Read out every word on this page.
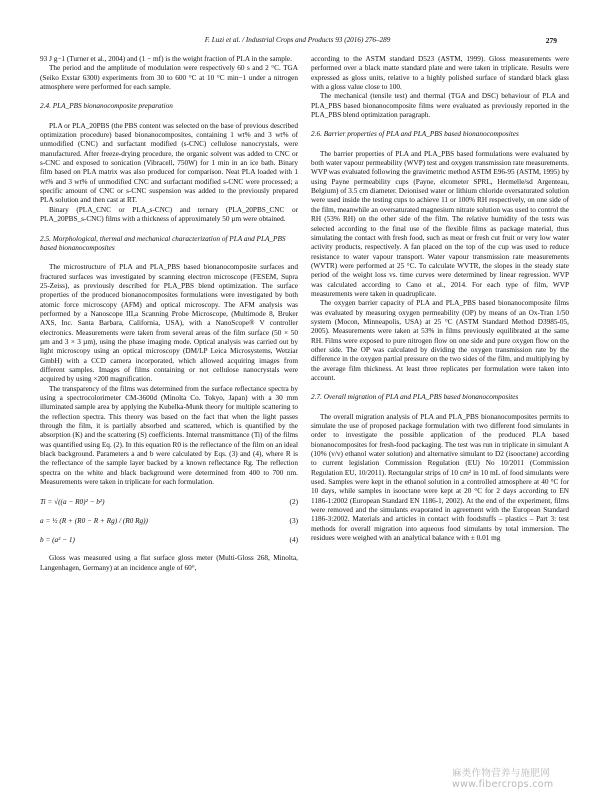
F. Luzi et al. / Industrial Crops and Products 93 (2016) 276–289	279

93 J g−1 (Turner et al., 2004) and (1 − mf) is the weight fraction of PLA in the sample.

The period and the amplitude of modulation were respectively 60 s and 2 °C. TGA (Seiko Exstar 6300) experiments from 30 to 600 °C at 10 °C min−1 under a nitrogen atmosphere were performed for each sample.

2.4. PLA_PBS bionanocomposite preparation

PLA or PLA_20PBS (the PBS content was selected on the base of previous described optimization procedure) based bionanocomposites, containing 1 wt% and 3 wt% of unmodified (CNC) and surfactant modified (s-CNC) cellulose nanocrystals, were manufactured. After freeze-drying procedure, the organic solvent was added to CNC or s-CNC and exposed to sonication (Vibracell, 750W) for 1 min in an ice bath. Binary film based on PLA matrix was also produced for comparison. Neat PLA loaded with 1 wt% and 3 wt% of unmodified CNC and surfactant modified s-CNC were processed; a specific amount of CNC or s-CNC suspension was added to the previously prepared PLA solution and then cast at RT.

Binary (PLA_CNC or PLA_s-CNC) and ternary (PLA_20PBS_CNC or PLA_20PBS_s-CNC) films with a thickness of approximately 50 µm were obtained.

2.5. Morphological, thermal and mechanical characterization of PLA and PLA_PBS based bionanocomposites

The microstructure of PLA and PLA_PBS based bionanocomposite surfaces and fractured surfaces was investigated by scanning electron microscope (FESEM, Supra 25-Zeiss), as previously described for PLA_PBS blend optimization. The surface properties of the produced bionanocomposites formulations were investigated by both atomic force microscopy (AFM) and optical microscopy. The AFM analysis was performed by a Nanoscope III,a Scanning Probe Microscope, (Multimode 8, Bruker AXS, Inc. Santa Barbara, California, USA), with a NanoScope® V controller electronics. Measurements were taken from several areas of the film surface (50 × 50 µm and 3 × 3 µm), using the phase imaging mode. Optical analysis was carried out by light microscopy using an optical microscopy (DM/LP Leica Microsystems, Wetziar GmbH) with a CCD camera incorporated, which allowed acquiring images from different samples. Images of films containing or not cellulose nanocrystals were acquired by using ×200 magnification.

The transparency of the films was determined from the surface reflectance spectra by using a spectrocolorimeter CM-3600d (Minolta Co. Tokyo, Japan) with a 30 mm illuminated sample area by applying the Kubelka-Munk theory for multiple scattering to the reflection spectra. This theory was based on the fact that when the light passes through the film, it is partially absorbed and scattered, which is quantified by the absorption (K) and the scattering (S) coefficients. Internal transmittance (Ti) of the films was quantified using Eq. (2). In this equation R0 is the reflectance of the film on an ideal black background. Parameters a and b were calculated by Eqs. (3) and (4), where R is the reflectance of the sample layer backed by a known reflectance Rg. The reflection spectra on the white and black background were determined from 400 to 700 nm. Measurements were taken in triplicate for each formulation.

Ti = √((a − R0)² − b²)	(2)
a = ½ (R + (R0 − R + Rg) / (R0 Rg))	(3)
b = (a² − 1)	(4)

Gloss was measured using a flat surface gloss meter (Multi-Gloss 268, Minolta, Langenhagen, Germany) at an incidence angle of 60°,

according to the ASTM standard D523 (ASTM, 1999). Gloss measurements were performed over a black matte standard plate and were taken in triplicate. Results were expressed as gloss units, relative to a highly polished surface of standard black glass with a gloss value close to 100.

The mechanical (tensile test) and thermal (TGA and DSC) behaviour of PLA and PLA_PBS based bionanocomposite films were evaluated as previously reported in the PLA_PBS blend optimization paragraph.

2.6. Barrier properties of PLA and PLA_PBS based bionanocomposites

The barrier properties of PLA and PLA_PBS based formulations were evaluated by both water vapour permeability (WVP) test and oxygen transmission rate measurements. WVP was evaluated following the gravimetric method ASTM E96-95 (ASTM, 1995) by using Payne permeability cups (Payne, elcometer SPRL, Hermelle/sd Argenteau, Belgium) of 3.5 cm diameter. Deionised water or lithium chloride oversaturated solution were used inside the testing cups to achieve 11 or 100% RH respectively, on one side of the film, meanwhile an oversaturated magnesium nitrate solution was used to control the RH (53% RH) on the other side of the film. The relative humidity of the tests was selected according to the final use of the flexible films as package material, thus simulating the contact with fresh food, such as meat or fresh cut fruit or very low water activity products, respectively. A fan placed on the top of the cup was used to reduce resistance to water vapour transport. Water vapour transmission rate measurements (WVTR) were performed at 25 °C. To calculate WVTR, the slopes in the steady state period of the weight loss vs. time curves were determined by linear regression. WVP was calculated according to Cano et al., 2014. For each type of film, WVP measurements were taken in quadruplicate.

The oxygen barrier capacity of PLA and PLA_PBS based bionanocomposite films was evaluated by measuring oxygen permeability (OP) by means of an Ox-Tran 1/50 system (Mocon, Minneapolis, USA) at 25 °C (ASTM Standard Method D3985-05, 2005). Measurements were taken at 53% in films previously equilibrated at the same RH. Films were exposed to pure nitrogen flow on one side and pure oxygen flow on the other side. The OP was calculated by dividing the oxygen transmission rate by the difference in the oxygen partial pressure on the two sides of the film, and multiplying by the average film thickness. At least three replicates per formulation were taken into account.

2.7. Overall migration of PLA and PLA_PBS based bionanocomposites

The overall migration analysis of PLA and PLA_PBS bionanocomposites permits to simulate the use of proposed package formulation with two different food simulants in order to investigate the possible application of the produced PLA based bionanocomposites for fresh-food packaging. The test was run in triplicate in simulant A (10% (v/v) ethanol water solution) and alternative simulant to D2 (isooctane) according to current legislation Commission Regulation (EU) No 10/2011 (Commission Regulation EU, 10/2011). Rectangular strips of 10 cm² in 10 mL of food simulants were used. Samples were kept in the ethanol solution in a controlled atmosphere at 40 °C for 10 days, while samples in isooctane were kept at 20 °C for 2 days according to EN 1186-1:2002 (European Standard EN 1186-1, 2002). At the end of the experiment, films were removed and the simulants evaporated in agreement with the European Standard 1186-3:2002. Materials and articles in contact with foodstuffs – plastics – Part 3: test methods for overall migration into aqueous food simulants by total immersion. The residues were weighed with an analytical balance with ± 0.01 mg

麻类作物营养与施肥网 www.fibercrops.com
